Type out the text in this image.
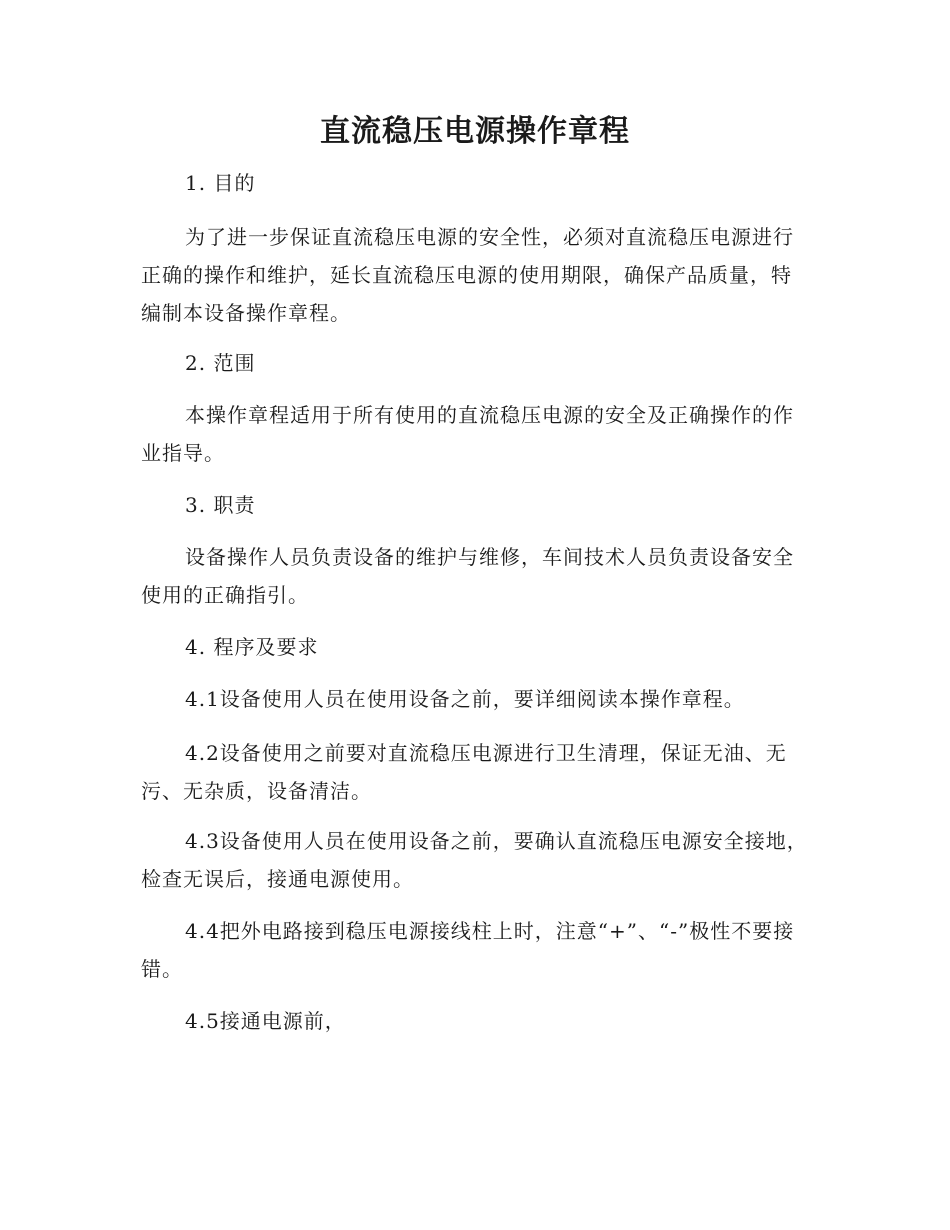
直流稳压电源操作章程

1. 目的

为了进一步保证直流稳压电源的安全性，必须对直流稳压电源进行正确的操作和维护，延长直流稳压电源的使用期限，确保产品质量，特编制本设备操作章程。

2. 范围

本操作章程适用于所有使用的直流稳压电源的安全及正确操作的作业指导。

3. 职责

设备操作人员负责设备的维护与维修，车间技术人员负责设备安全使用的正确指引。

4. 程序及要求

4.1设备使用人员在使用设备之前，要详细阅读本操作章程。

4.2设备使用之前要对直流稳压电源进行卫生清理，保证无油、无污、无杂质，设备清洁。

4.3设备使用人员在使用设备之前，要确认直流稳压电源安全接地，检查无误后，接通电源使用。

4.4把外电路接到稳压电源接线柱上时，注意“+”、“-”极性不要接错。

4.5接通电源前，
